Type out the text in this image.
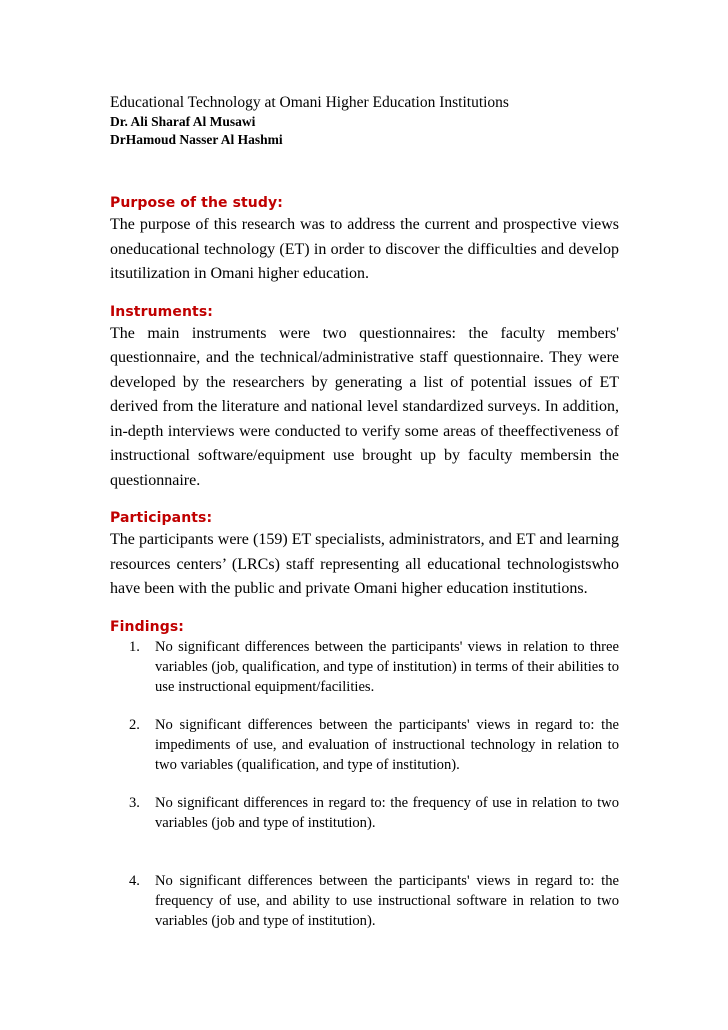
Educational Technology at Omani Higher Education Institutions
Dr. Ali Sharaf Al Musawi
DrHamoud Nasser Al Hashmi
Purpose of the study:

The purpose of this research was to address the current and prospective views oneducational technology (ET) in order to discover the difficulties and develop itsutilization in Omani higher education.

Instruments:

The main instruments were two questionnaires: the faculty members' questionnaire, and the technical/administrative staff questionnaire. They were developed by the researchers by generating a list of potential issues of ET derived from the literature and national level standardized surveys. In addition, in-depth interviews were conducted to verify some areas of theeffectiveness of instructional software/equipment use brought up by faculty membersin the questionnaire.

Participants:

The participants were (159) ET specialists, administrators, and ET and learning resources centers’ (LRCs) staff representing all educational technologistswho have been with the public and private Omani higher education institutions.

Findings:
1. No significant differences between the participants' views in relation to three variables (job, qualification, and type of institution) in terms of their abilities to use instructional equipment/facilities.
2. No significant differences between the participants' views in regard to: the impediments of use, and evaluation of instructional technology in relation to two variables (qualification, and type of institution).
3. No significant differences in regard to: the frequency of use in relation to two variables (job and type of institution).
4. No significant differences between the participants' views in regard to: the frequency of use, and ability to use instructional software in relation to two variables (job and type of institution).
